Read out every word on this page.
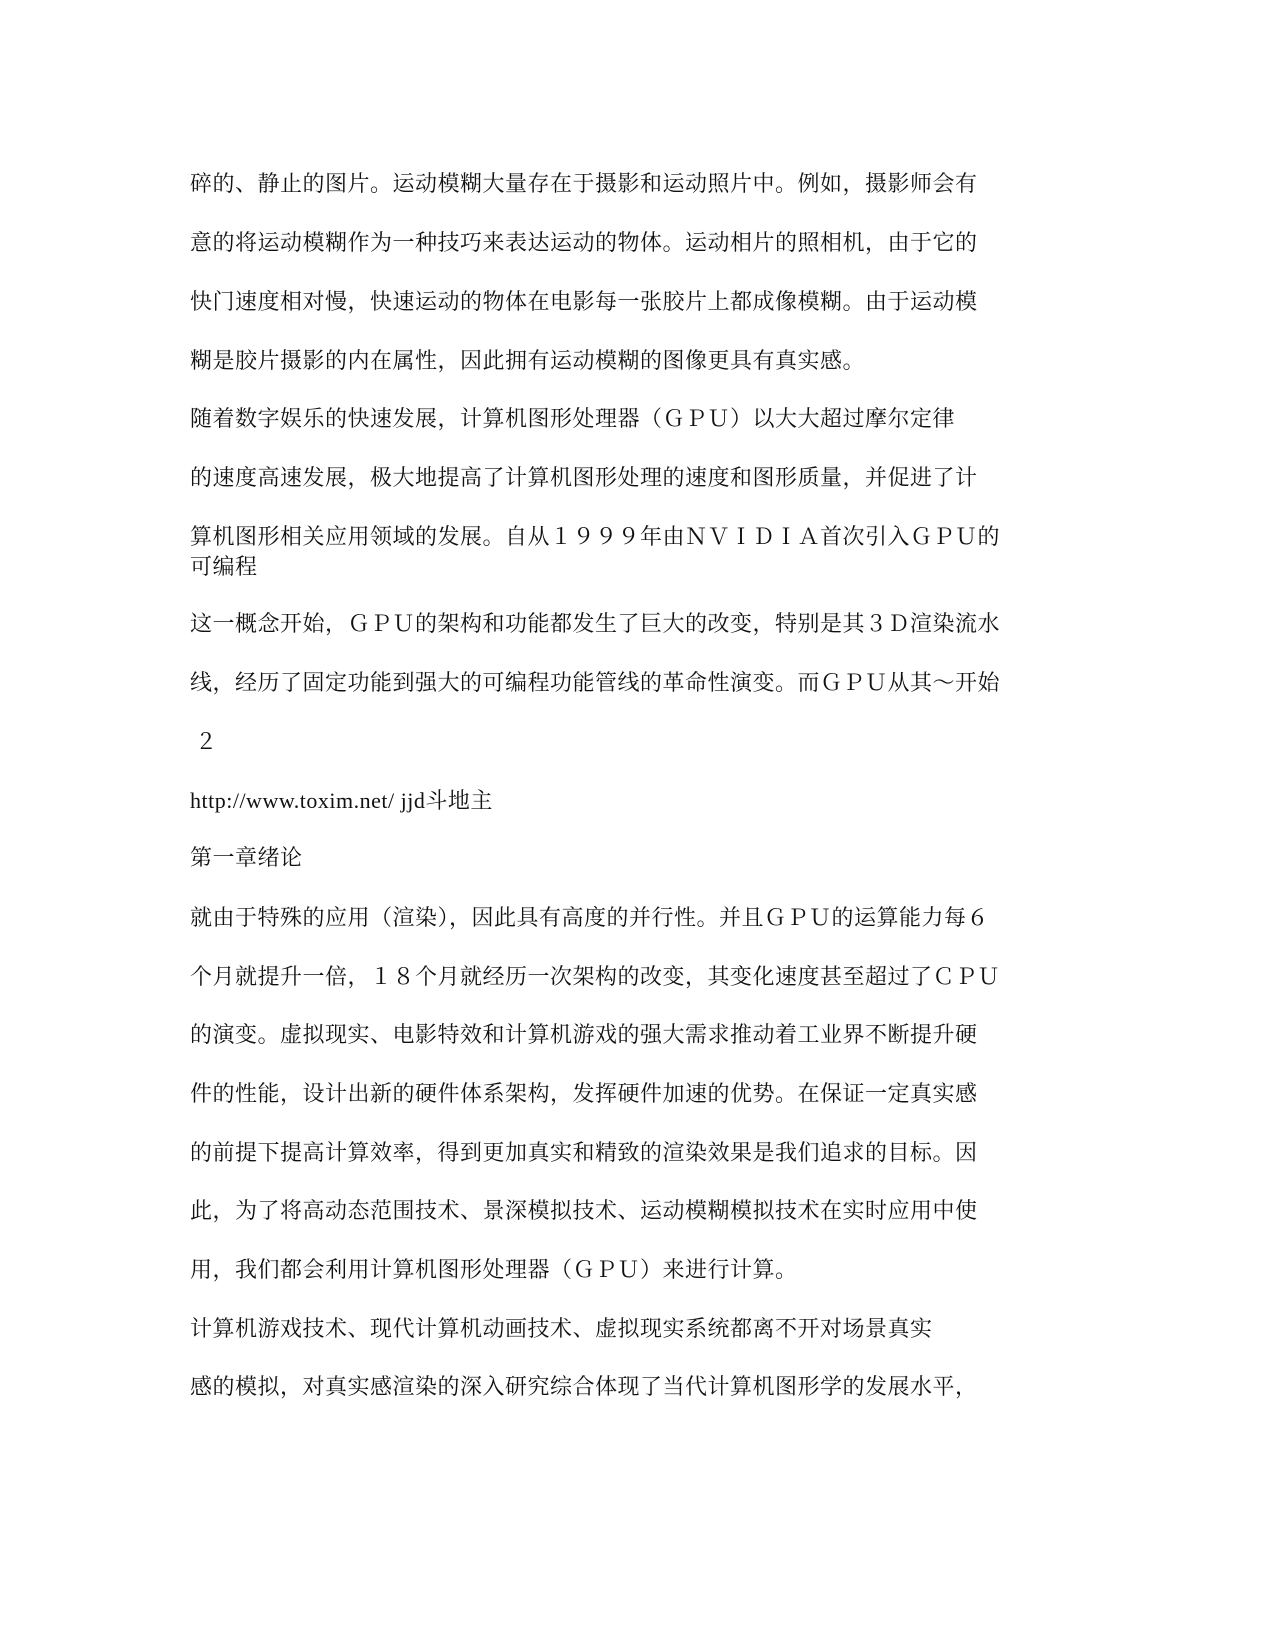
碎的、静止的图片。运动模糊大量存在于摄影和运动照片中。例如，摄影师会有
意的将运动模糊作为一种技巧来表达运动的物体。运动相片的照相机，由于它的
快门速度相对慢，快速运动的物体在电影每一张胶片上都成像模糊。由于运动模
糊是胶片摄影的内在属性，因此拥有运动模糊的图像更具有真实感。
随着数字娱乐的快速发展，计算机图形处理器（ＧＰＵ）以大大超过摩尔定律
的速度高速发展，极大地提高了计算机图形处理的速度和图形质量，并促进了计
算机图形相关应用领域的发展。自从１９９９年由ＮＶＩＤＩＡ首次引入ＧＰＵ的
可编程
这一概念开始，ＧＰＵ的架构和功能都发生了巨大的改变，特别是其３Ｄ渲染流水
线，经历了固定功能到强大的可编程功能管线的革命性演变。而ＧＰＵ从其～开始
２
http://www.toxim.net/ jjd斗地主
第一章绪论
就由于特殊的应用（渲染），因此具有高度的并行性。并且ＧＰＵ的运算能力每６
个月就提升一倍，１８个月就经历一次架构的改变，其变化速度甚至超过了ＣＰＵ
的演变。虚拟现实、电影特效和计算机游戏的强大需求推动着工业界不断提升硬
件的性能，设计出新的硬件体系架构，发挥硬件加速的优势。在保证一定真实感
的前提下提高计算效率，得到更加真实和精致的渲染效果是我们追求的目标。因
此，为了将高动态范围技术、景深模拟技术、运动模糊模拟技术在实时应用中使
用，我们都会利用计算机图形处理器（ＧＰＵ）来进行计算。
计算机游戏技术、现代计算机动画技术、虚拟现实系统都离不开对场景真实
感的模拟，对真实感渲染的深入研究综合体现了当代计算机图形学的发展水平，
